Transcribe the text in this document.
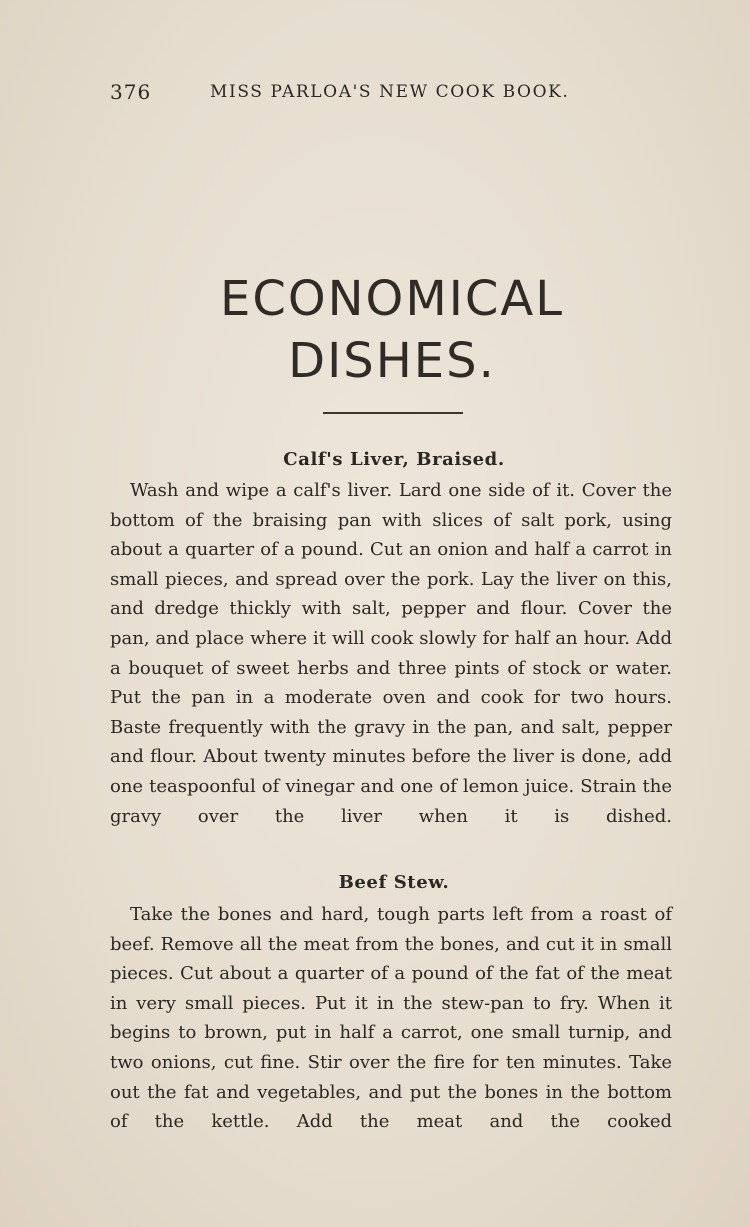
376	MISS PARLOA'S NEW COOK BOOK.
ECONOMICAL
DISHES.
Calf's Liver, Braised.

Wash and wipe a calf's liver. Lard one side of it. Cover the bottom of the braising pan with slices of salt pork, using about a quarter of a pound. Cut an onion and half a carrot in small pieces, and spread over the pork. Lay the liver on this, and dredge thickly with salt, pepper and flour. Cover the pan, and place where it will cook slowly for half an hour. Add a bouquet of sweet herbs and three pints of stock or water. Put the pan in a moderate oven and cook for two hours. Baste frequently with the gravy in the pan, and salt, pepper and flour. About twenty minutes before the liver is done, add one teaspoonful of vinegar and one of lemon juice. Strain the gravy over the liver when it is dished.

Beef Stew.

Take the bones and hard, tough parts left from a roast of beef. Remove all the meat from the bones, and cut it in small pieces. Cut about a quarter of a pound of the fat of the meat in very small pieces. Put it in the stew-pan to fry. When it begins to brown, put in half a carrot, one small turnip, and two onions, cut fine. Stir over the fire for ten minutes. Take out the fat and vegetables, and put the bones in the bottom of the kettle. Add the meat and the cooked
